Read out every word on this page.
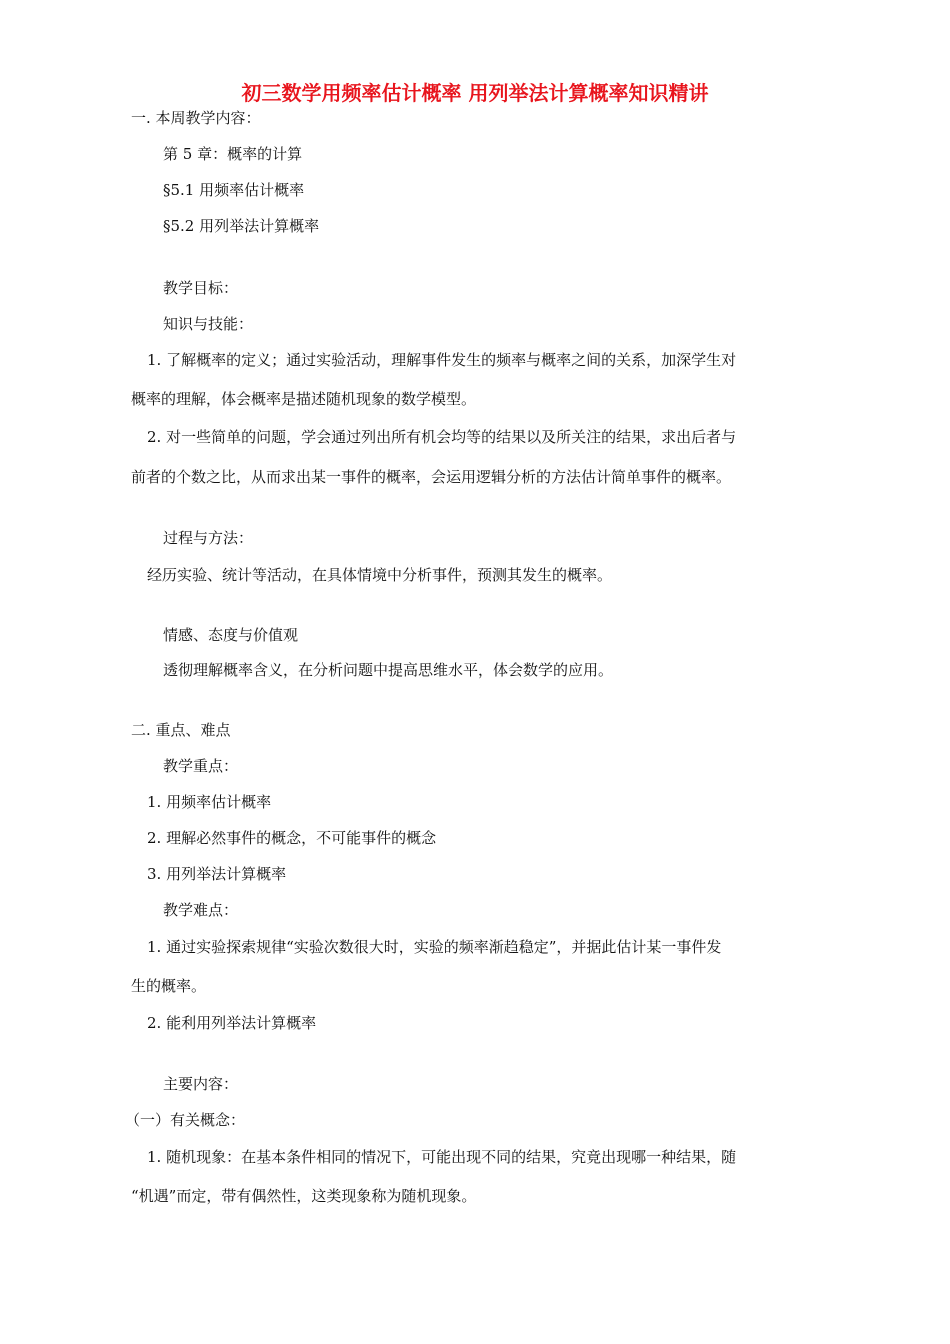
初三数学用频率估计概率 用列举法计算概率知识精讲
一. 本周教学内容：
第 5 章：概率的计算
§5.1 用频率估计概率
§5.2 用列举法计算概率
教学目标：
知识与技能：
1. 了解概率的定义；通过实验活动，理解事件发生的频率与概率之间的关系，加深学生对
概率的理解，体会概率是描述随机现象的数学模型。
2. 对一些简单的问题，学会通过列出所有机会均等的结果以及所关注的结果，求出后者与
前者的个数之比，从而求出某一事件的概率，会运用逻辑分析的方法估计简单事件的概率。
过程与方法：
经历实验、统计等活动，在具体情境中分析事件，预测其发生的概率。
情感、态度与价值观
透彻理解概率含义，在分析问题中提高思维水平，体会数学的应用。
二. 重点、难点
教学重点：
1. 用频率估计概率
2. 理解必然事件的概念，不可能事件的概念
3. 用列举法计算概率
教学难点：
1. 通过实验探索规律“实验次数很大时，实验的频率渐趋稳定”，并据此估计某一事件发
生的概率。
2. 能利用列举法计算概率
主要内容：
（一）有关概念：
1. 随机现象：在基本条件相同的情况下，可能出现不同的结果，究竟出现哪一种结果，随
“机遇”而定，带有偶然性，这类现象称为随机现象。
